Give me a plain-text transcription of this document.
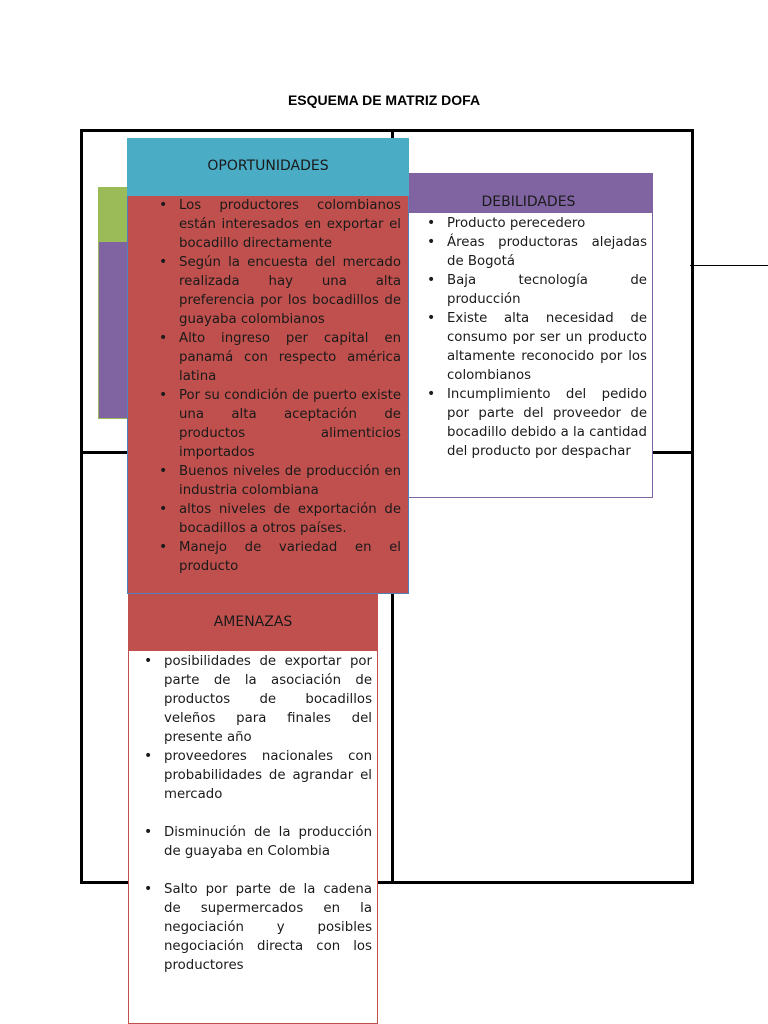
ESQUEMA DE MATRIZ DOFA
DEBILIDADES
• Producto perecedero
• Áreas productoras alejadas de Bogotá
• Baja tecnología de producción
• Existe alta necesidad de consumo por ser un producto altamente reconocido por los colombianos
• Incumplimiento del pedido por parte del proveedor de bocadillo debido a la cantidad del producto por despachar
OPORTUNIDADES
• Los productores colombianos están interesados en exportar el bocadillo directamente
• Según la encuesta del mercado realizada hay una alta preferencia por los bocadillos de guayaba colombianos
• Alto ingreso per capital en panamá con respecto américa latina
• Por su condición de puerto existe una alta aceptación de productos alimenticios importados
• Buenos niveles de producción en industria colombiana
• altos niveles de exportación de bocadillos a otros países.
• Manejo de variedad en el producto
AMENAZAS
• posibilidades de exportar por parte de la asociación de productos de bocadillos veleños para finales del presente año
• proveedores nacionales con probabilidades de agrandar el mercado
• Disminución de la producción de guayaba en Colombia
• Salto por parte de la cadena de supermercados en la negociación y posibles negociación directa con los productores
